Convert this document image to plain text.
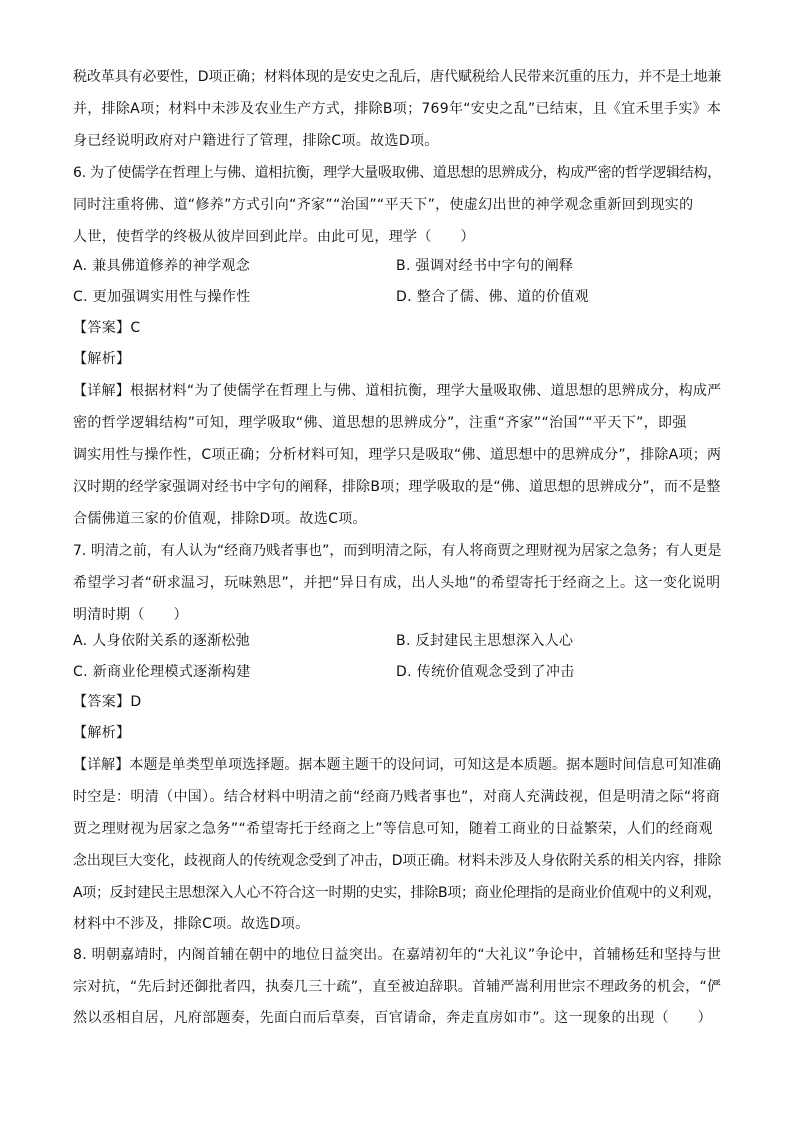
税改革具有必要性，D项正确；材料体现的是安史之乱后，唐代赋税给人民带来沉重的压力，并不是土地兼
并，排除A项；材料中未涉及农业生产方式，排除B项；769年“安史之乱”已结束，且《宜禾里手实》本
身已经说明政府对户籍进行了管理，排除C项。故选D项。
6. 为了使儒学在哲理上与佛、道相抗衡，理学大量吸取佛、道思想的思辨成分，构成严密的哲学逻辑结构，
同时注重将佛、道“修养”方式引向“齐家”“治国”“平天下”，使虚幻出世的神学观念重新回到现实的
人世，使哲学的终极从彼岸回到此岸。由此可见，理学（　　）
A. 兼具佛道修养的神学观念	B. 强调对经书中字句的阐释
C. 更加强调实用性与操作性	D. 整合了儒、佛、道的价值观
【答案】C
【解析】
【详解】根据材料“为了使儒学在哲理上与佛、道相抗衡，理学大量吸取佛、道思想的思辨成分，构成严
密的哲学逻辑结构”可知，理学吸取“佛、道思想的思辨成分”，注重“齐家”“治国”“平天下”，即强
调实用性与操作性，C项正确；分析材料可知，理学只是吸取“佛、道思想中的思辨成分”，排除A项；两
汉时期的经学家强调对经书中字句的阐释，排除B项；理学吸取的是“佛、道思想的思辨成分”，而不是整
合儒佛道三家的价值观，排除D项。故选C项。
7. 明清之前，有人认为“经商乃贱者事也”，而到明清之际，有人将商贾之理财视为居家之急务；有人更是
希望学习者“研求温习，玩味熟思”，并把“异日有成，出人头地”的希望寄托于经商之上。这一变化说明
明清时期（　　）
A. 人身依附关系的逐渐松弛	B. 反封建民主思想深入人心
C. 新商业伦理模式逐渐构建	D. 传统价值观念受到了冲击
【答案】D
【解析】
【详解】本题是单类型单项选择题。据本题主题干的设问词，可知这是本质题。据本题时间信息可知准确
时空是：明清（中国）。结合材料中明清之前“经商乃贱者事也”，对商人充满歧视，但是明清之际“将商
贾之理财视为居家之急务”“希望寄托于经商之上”等信息可知，随着工商业的日益繁荣，人们的经商观
念出现巨大变化，歧视商人的传统观念受到了冲击，D项正确。材料未涉及人身依附关系的相关内容，排除
A项；反封建民主思想深入人心不符合这一时期的史实，排除B项；商业伦理指的是商业价值观中的义利观，
材料中不涉及，排除C项。故选D项。
8. 明朝嘉靖时，内阁首辅在朝中的地位日益突出。在嘉靖初年的“大礼议”争论中，首辅杨廷和坚持与世
宗对抗，“先后封还御批者四，执奏几三十疏”，直至被迫辞职。首辅严嵩利用世宗不理政务的机会，“俨
然以丞相自居，凡府部题奏，先面白而后草奏，百官请命，奔走直房如市”。这一现象的出现（　　）
